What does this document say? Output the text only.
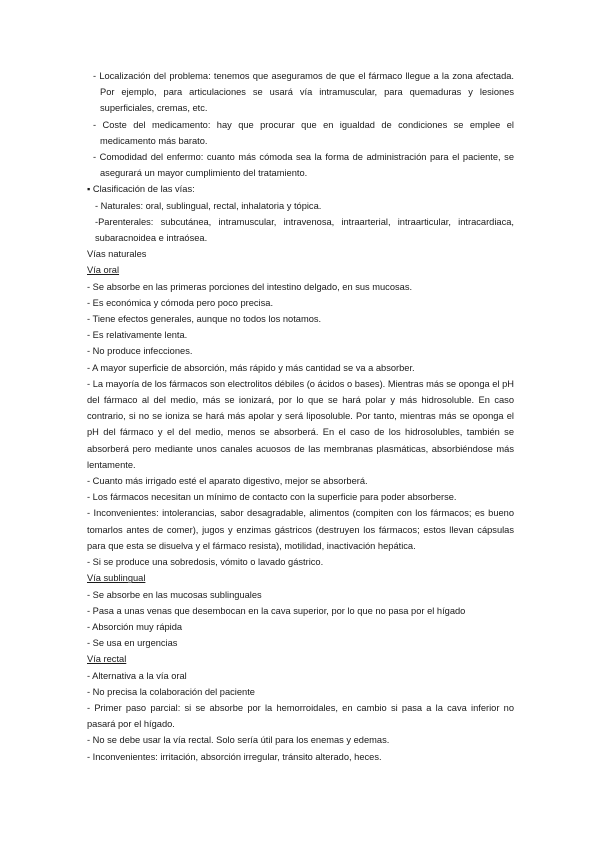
- Localización del problema: tenemos que aseguramos de que el fármaco llegue a la zona afectada. Por ejemplo, para articulaciones se usará vía intramuscular, para quemaduras y lesiones superficiales, cremas, etc.

- Coste del medicamento: hay que procurar que en igualdad de condiciones se emplee el medicamento más barato.

- Comodidad del enfermo: cuanto más cómoda sea la forma de administración para el paciente, se asegurará un mayor cumplimiento del tratamiento.

▪ Clasificación de las vías:

- Naturales: oral, sublingual, rectal, inhalatoria y tópica.

-Parenterales: subcutánea, intramuscular, intravenosa, intraarterial, intraarticular, intracardiaca, subaracnoidea e intraósea.

Vías naturales

Vía oral

- Se absorbe en las primeras porciones del intestino delgado, en sus mucosas.

- Es económica y cómoda pero poco precisa.

- Tiene efectos generales, aunque no todos los notamos.

- Es relativamente lenta.

- No produce infecciones.

- A mayor superficie de absorción, más rápido y más cantidad se va a absorber.

- La mayoría de los fármacos son electrolitos débiles (o ácidos o bases). Mientras más se oponga el pH del fármaco al del medio, más se ionizará, por lo que se hará polar y más hidrosoluble. En caso contrario, si no se ioniza se hará más apolar y será liposoluble. Por tanto, mientras más se oponga el pH del fármaco y el del medio, menos se absorberá. En el caso de los hidrosolubles, también se absorberá pero mediante unos canales acuosos de las membranas plasmáticas, absorbiéndose más lentamente.

- Cuanto más irrigado esté el aparato digestivo, mejor se absorberá.

- Los fármacos necesitan un mínimo de contacto con la superficie para poder absorberse.

- Inconvenientes: intolerancias, sabor desagradable, alimentos (compiten con los fármacos; es bueno tomarlos antes de comer), jugos y enzimas gástricos (destruyen los fármacos; estos llevan cápsulas para que esta se disuelva y el fármaco resista), motilidad, inactivación hepática.

- Si se produce una sobredosis, vómito o lavado gástrico.

Vía sublingual

- Se absorbe en las mucosas sublinguales

- Pasa a unas venas que desembocan en la cava superior, por lo que no pasa por el hígado

- Absorción muy rápida

- Se usa en urgencias

Vía rectal

- Alternativa a la vía oral

- No precisa la colaboración del paciente

- Primer paso parcial: si se absorbe por la hemorroidales, en cambio si pasa a la cava inferior no pasará por el hígado.

- No se debe usar la vía rectal. Solo sería útil para los enemas y edemas.

- Inconvenientes: irritación, absorción irregular, tránsito alterado, heces.
